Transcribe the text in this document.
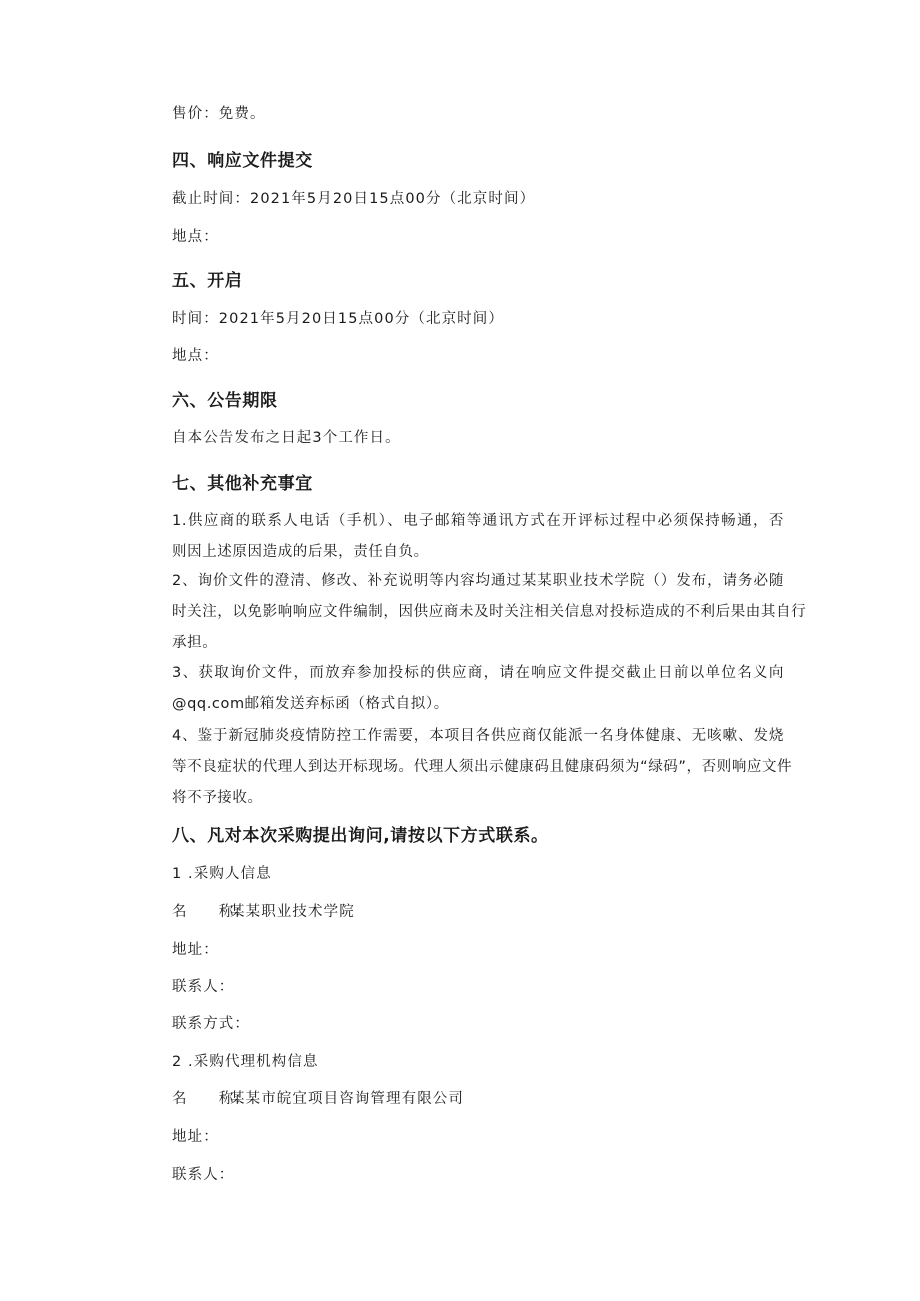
售价：免费。
四、响应文件提交
截止时间：2021年5月20日15点00分（北京时间）
地点：
五、开启
时间：2021年5月20日15点00分（北京时间）
地点：
六、公告期限
自本公告发布之日起3个工作日。
七、其他补充事宜
1.供应商的联系人电话（手机）、电子邮箱等通讯方式在开评标过程中必须保持畅通，否
则因上述原因造成的后果，责任自负。
2、询价文件的澄清、修改、补充说明等内容均通过某某职业技术学院（）发布，请务必随
时关注，以免影响响应文件编制，因供应商未及时关注相关信息对投标造成的不利后果由其自行
承担。
3、获取询价文件，而放弃参加投标的供应商，请在响应文件提交截止日前以单位名义向
@qq.com邮箱发送弃标函（格式自拟）。
4、鉴于新冠肺炎疫情防控工作需要，本项目各供应商仅能派一名身体健康、无咳嗽、发烧
等不良症状的代理人到达开标现场。代理人须出示健康码且健康码须为“绿码”，否则响应文件
将不予接收。
八、凡对本次采购提出询问,请按以下方式联系。
1 .采购人信息
名　　称：某某职业技术学院
地址：
联系人：
联系方式：
2 .采购代理机构信息
名　　称：某某市皖宜项目咨询管理有限公司
地址：
联系人：
